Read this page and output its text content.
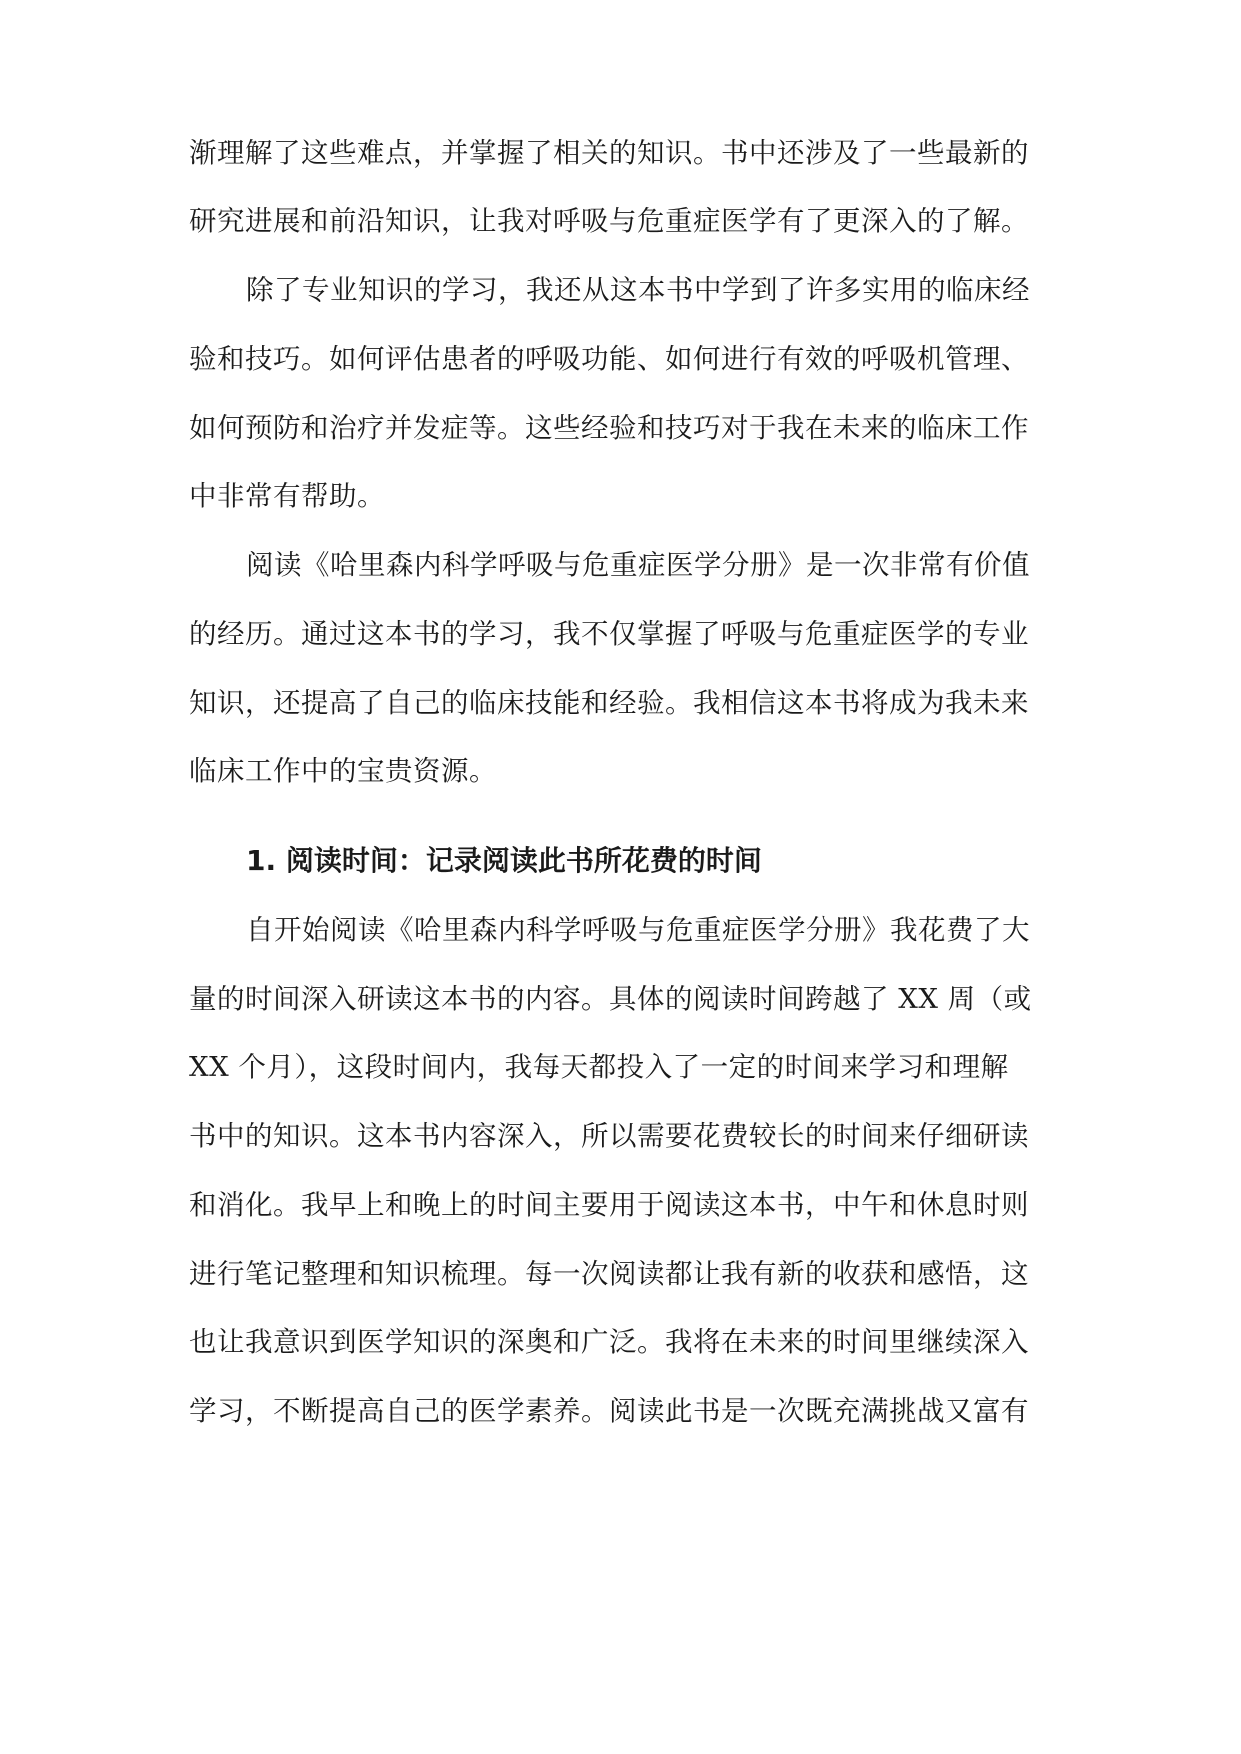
渐理解了这些难点，并掌握了相关的知识。书中还涉及了一些最新的
研究进展和前沿知识，让我对呼吸与危重症医学有了更深入的了解。
除了专业知识的学习，我还从这本书中学到了许多实用的临床经
验和技巧。如何评估患者的呼吸功能、如何进行有效的呼吸机管理、
如何预防和治疗并发症等。这些经验和技巧对于我在未来的临床工作
中非常有帮助。
阅读《哈里森内科学呼吸与危重症医学分册》是一次非常有价值
的经历。通过这本书的学习，我不仅掌握了呼吸与危重症医学的专业
知识，还提高了自己的临床技能和经验。我相信这本书将成为我未来
临床工作中的宝贵资源。
1. 阅读时间：记录阅读此书所花费的时间
自开始阅读《哈里森内科学呼吸与危重症医学分册》我花费了大
量的时间深入研读这本书的内容。具体的阅读时间跨越了 XX 周（或
XX 个月），这段时间内，我每天都投入了一定的时间来学习和理解
书中的知识。这本书内容深入，所以需要花费较长的时间来仔细研读
和消化。我早上和晚上的时间主要用于阅读这本书，中午和休息时则
进行笔记整理和知识梳理。每一次阅读都让我有新的收获和感悟，这
也让我意识到医学知识的深奥和广泛。我将在未来的时间里继续深入
学习，不断提高自己的医学素养。阅读此书是一次既充满挑战又富有
